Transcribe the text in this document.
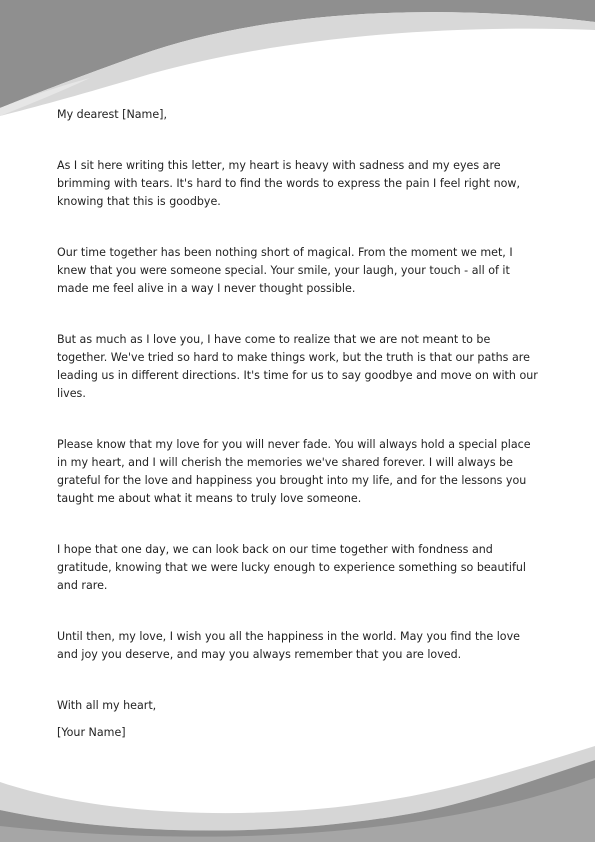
My dearest [Name],

As I sit here writing this letter, my heart is heavy with sadness and my eyes are brimming with tears. It's hard to find the words to express the pain I feel right now, knowing that this is goodbye.

Our time together has been nothing short of magical. From the moment we met, I knew that you were someone special. Your smile, your laugh, your touch - all of it made me feel alive in a way I never thought possible.

But as much as I love you, I have come to realize that we are not meant to be together. We've tried so hard to make things work, but the truth is that our paths are leading us in different directions. It's time for us to say goodbye and move on with our lives.

Please know that my love for you will never fade. You will always hold a special place in my heart, and I will cherish the memories we've shared forever. I will always be grateful for the love and happiness you brought into my life, and for the lessons you taught me about what it means to truly love someone.

I hope that one day, we can look back on our time together with fondness and gratitude, knowing that we were lucky enough to experience something so beautiful and rare.

Until then, my love, I wish you all the happiness in the world. May you find the love and joy you deserve, and may you always remember that you are loved.

With all my heart,

[Your Name]
